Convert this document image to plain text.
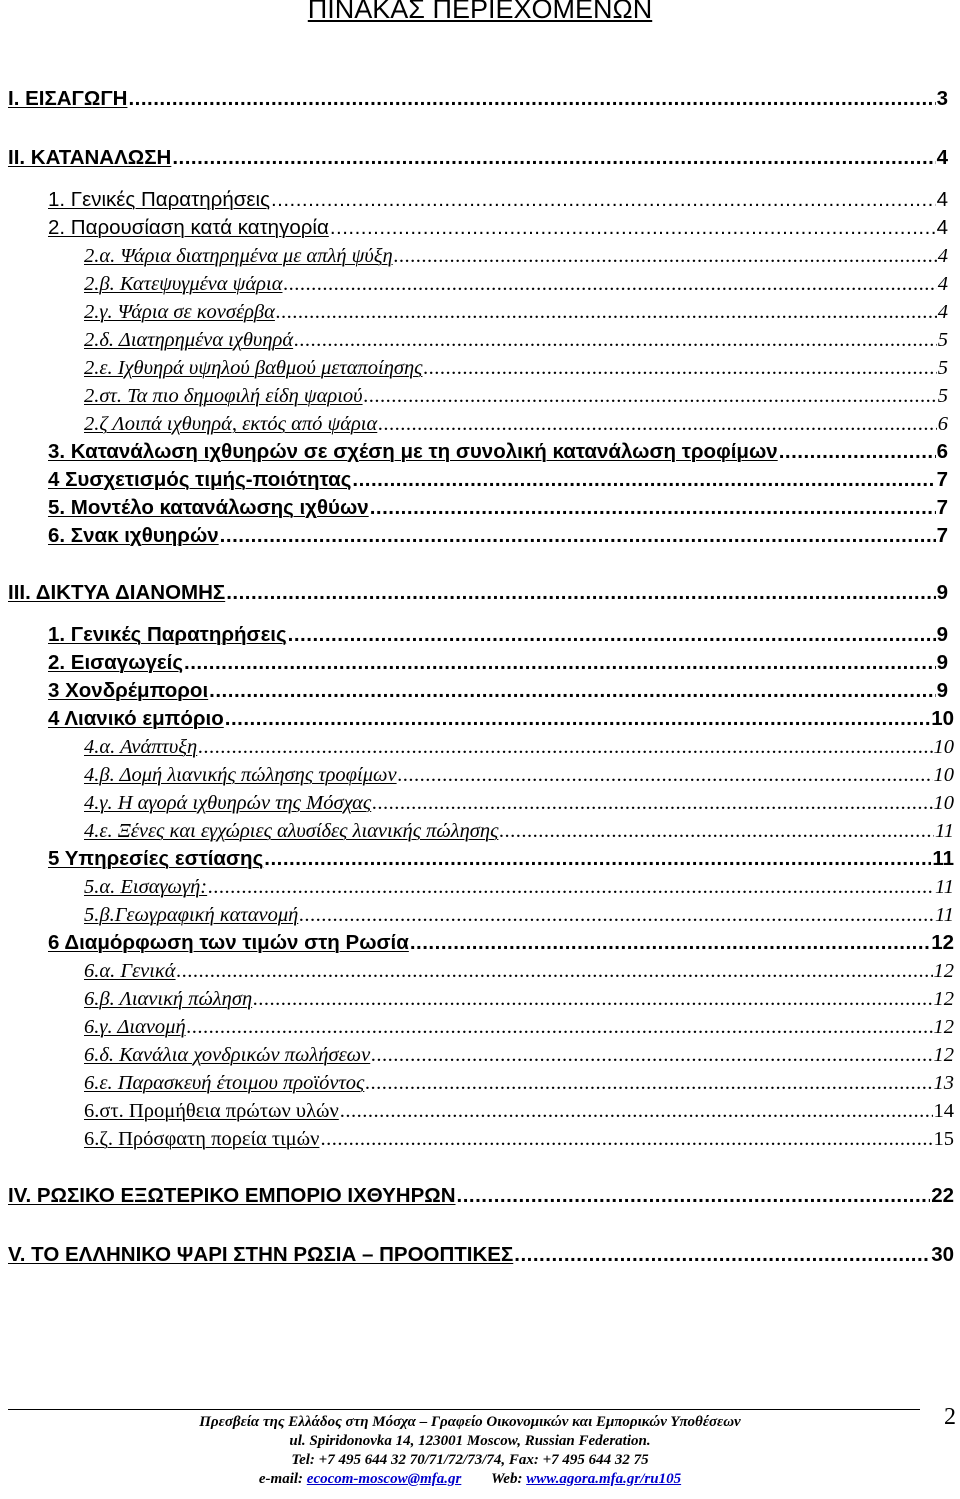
ΠΙΝΑΚΑΣ ΠΕΡΙΕΧΟΜΕΝΩΝ
Ι. ΕΙΣΑΓΩΓΗ .....	3
ΙΙ. ΚΑΤΑΝΑΛΩΣΗ .....	4
1. Γενικές Παρατηρήσεις .....	4
2. Παρουσίαση κατά κατηγορία .....	4
2.α. Ψάρια διατηρημένα με απλή ψύξη .....	4
2.β. Κατεψυγμένα ψάρια .....	4
2.γ. Ψάρια σε κονσέρβα .....	4
2.δ. Διατηρημένα ιχθυηρά .....	5
2.ε. Ιχθυηρά υψηλού βαθμού μεταποίησης .....	5
2.στ. Τα πιο δημοφιλή είδη ψαριού .....	5
2.ζ Λοιπά ιχθυηρά, εκτός από ψάρια .....	6
3. Κατανάλωση ιχθυηρών σε σχέση με τη συνολική κατανάλωση τροφίμων .....	6
4 Συσχετισμός τιμής-ποιότητας .....	7
5. Μοντέλο κατανάλωσης ιχθύων .....	7
6. Σνακ ιχθυηρών .....	7
ΙΙΙ. ΔΙΚΤΥΑ ΔΙΑΝΟΜΗΣ .....	9
1. Γενικές Παρατηρήσεις .....	9
2. Εισαγωγείς .....	9
3 Χονδρέμποροι .....	9
4 Λιανικό εμπόριο .....	10
4.α. Ανάπτυξη .....	10
4.β. Δομή λιανικής πώλησης τροφίμων .....	10
4.γ. Η αγορά ιχθυηρών της Μόσχας .....	10
4.ε. Ξένες και εγχώριες αλυσίδες λιανικής πώλησης .....	11
5 Υπηρεσίες εστίασης .....	11
5.α. Εισαγωγή: .....	11
5.β.Γεωγραφική κατανομή .....	11
6 Διαμόρφωση των τιμών στη Ρωσία .....	12
6.α. Γενικά .....	12
6.β. Λιανική πώληση .....	12
6.γ. Διανομή .....	12
6.δ. Κανάλια χονδρικών πωλήσεων .....	12
6.ε. Παρασκευή έτοιμου προϊόντος .....	13
6.στ. Προμήθεια πρώτων υλών .....	14
6.ζ. Πρόσφατη πορεία τιμών .....	15
IV. ΡΩΣΙΚΟ ΕΞΩΤΕΡΙΚΟ ΕΜΠΟΡΙΟ ΙΧΘΥΗΡΩΝ .....	22
V. ΤΟ ΕΛΛΗΝΙΚΟ ΨΑΡΙ ΣΤΗΝ ΡΩΣΙΑ – ΠΡΟΟΠΤΙΚΕΣ .....	30
Πρεσβεία της Ελλάδος στη Μόσχα – Γραφείο Οικονομικών και Εμπορικών Υποθέσεων
ul. Spiridonovka 14, 123001 Moscow, Russian Federation.
Tel: +7 495 644 32 70/71/72/73/74, Fax: +7 495 644 32 75
e-mail: ecocom-moscow@mfa.gr Web: www.agora.mfa.gr/ru105
2
